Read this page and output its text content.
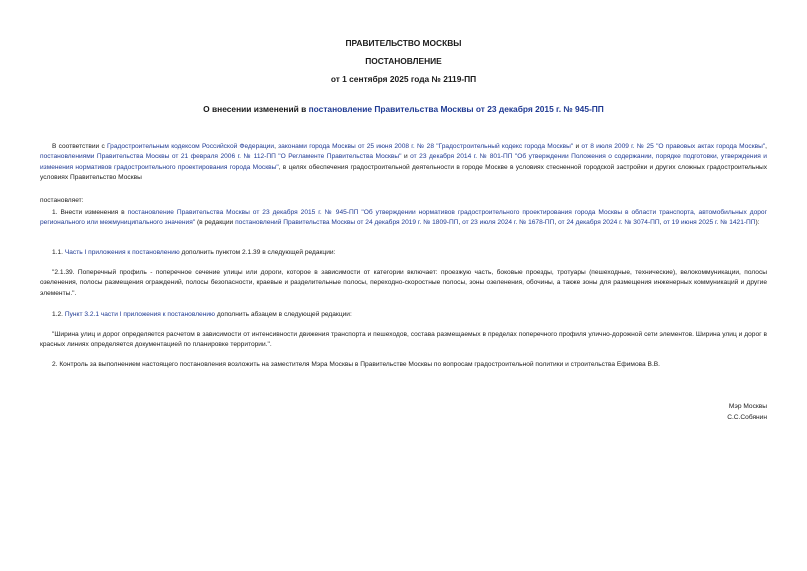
ПРАВИТЕЛЬСТВО МОСКВЫ
ПОСТАНОВЛЕНИЕ
от 1 сентября 2025 года № 2119-ПП
О внесении изменений в постановление Правительства Москвы от 23 декабря 2015 г. № 945-ПП

В соответствии с Градостроительным кодексом Российской Федерации, законами города Москвы от 25 июня 2008 г. № 28 "Градостроительный кодекс города Москвы" и от 8 июля 2009 г. № 25 "О правовых актах города Москвы", постановлениями Правительства Москвы от 21 февраля 2006 г. № 112-ПП "О Регламенте Правительства Москвы" и от 23 декабря 2014 г. № 801-ПП "Об утверждении Положения о содержании, порядке подготовки, утверждения и изменения нормативов градостроительного проектирования города Москвы", в целях обеспечения градостроительной деятельности в городе Москве в условиях стесненной городской застройки и других сложных градостроительных условиях Правительство Москвы

постановляет:

1. Внести изменения в постановление Правительства Москвы от 23 декабря 2015 г. № 945-ПП "Об утверждении нормативов градостроительного проектирования города Москвы в области транспорта, автомобильных дорог регионального или межмуниципального значения" (в редакции постановлений Правительства Москвы от 24 декабря 2019 г. № 1809-ПП, от 23 июля 2024 г. № 1678-ПП, от 24 декабря 2024 г. № 3074-ПП, от 19 июня 2025 г. № 1421-ПП):

1.1. Часть I приложения к постановлению дополнить пунктом 2.1.39 в следующей редакции:

"2.1.39. Поперечный профиль - поперечное сечение улицы или дороги, которое в зависимости от категории включает: проезжую часть, боковые проезды, тротуары (пешеходные, технические), велокоммуникации, полосы озеленения, полосы размещения ограждений, полосы безопасности, краевые и разделительные полосы, переходно-скоростные полосы, зоны озеленения, обочины, а также зоны для размещения инженерных коммуникаций и другие элементы.".

1.2. Пункт 3.2.1 части I приложения к постановлению дополнить абзацем в следующей редакции:

"Ширина улиц и дорог определяется расчетом в зависимости от интенсивности движения транспорта и пешеходов, состава размещаемых в пределах поперечного профиля улично-дорожной сети элементов. Ширина улиц и дорог в красных линиях определяется документацией по планировке территории.".

2. Контроль за выполнением настоящего постановления возложить на заместителя Мэра Москвы в Правительстве Москвы по вопросам градостроительной политики и строительства Ефимова В.В.

Мэр Москвы
С.С.Собянин
